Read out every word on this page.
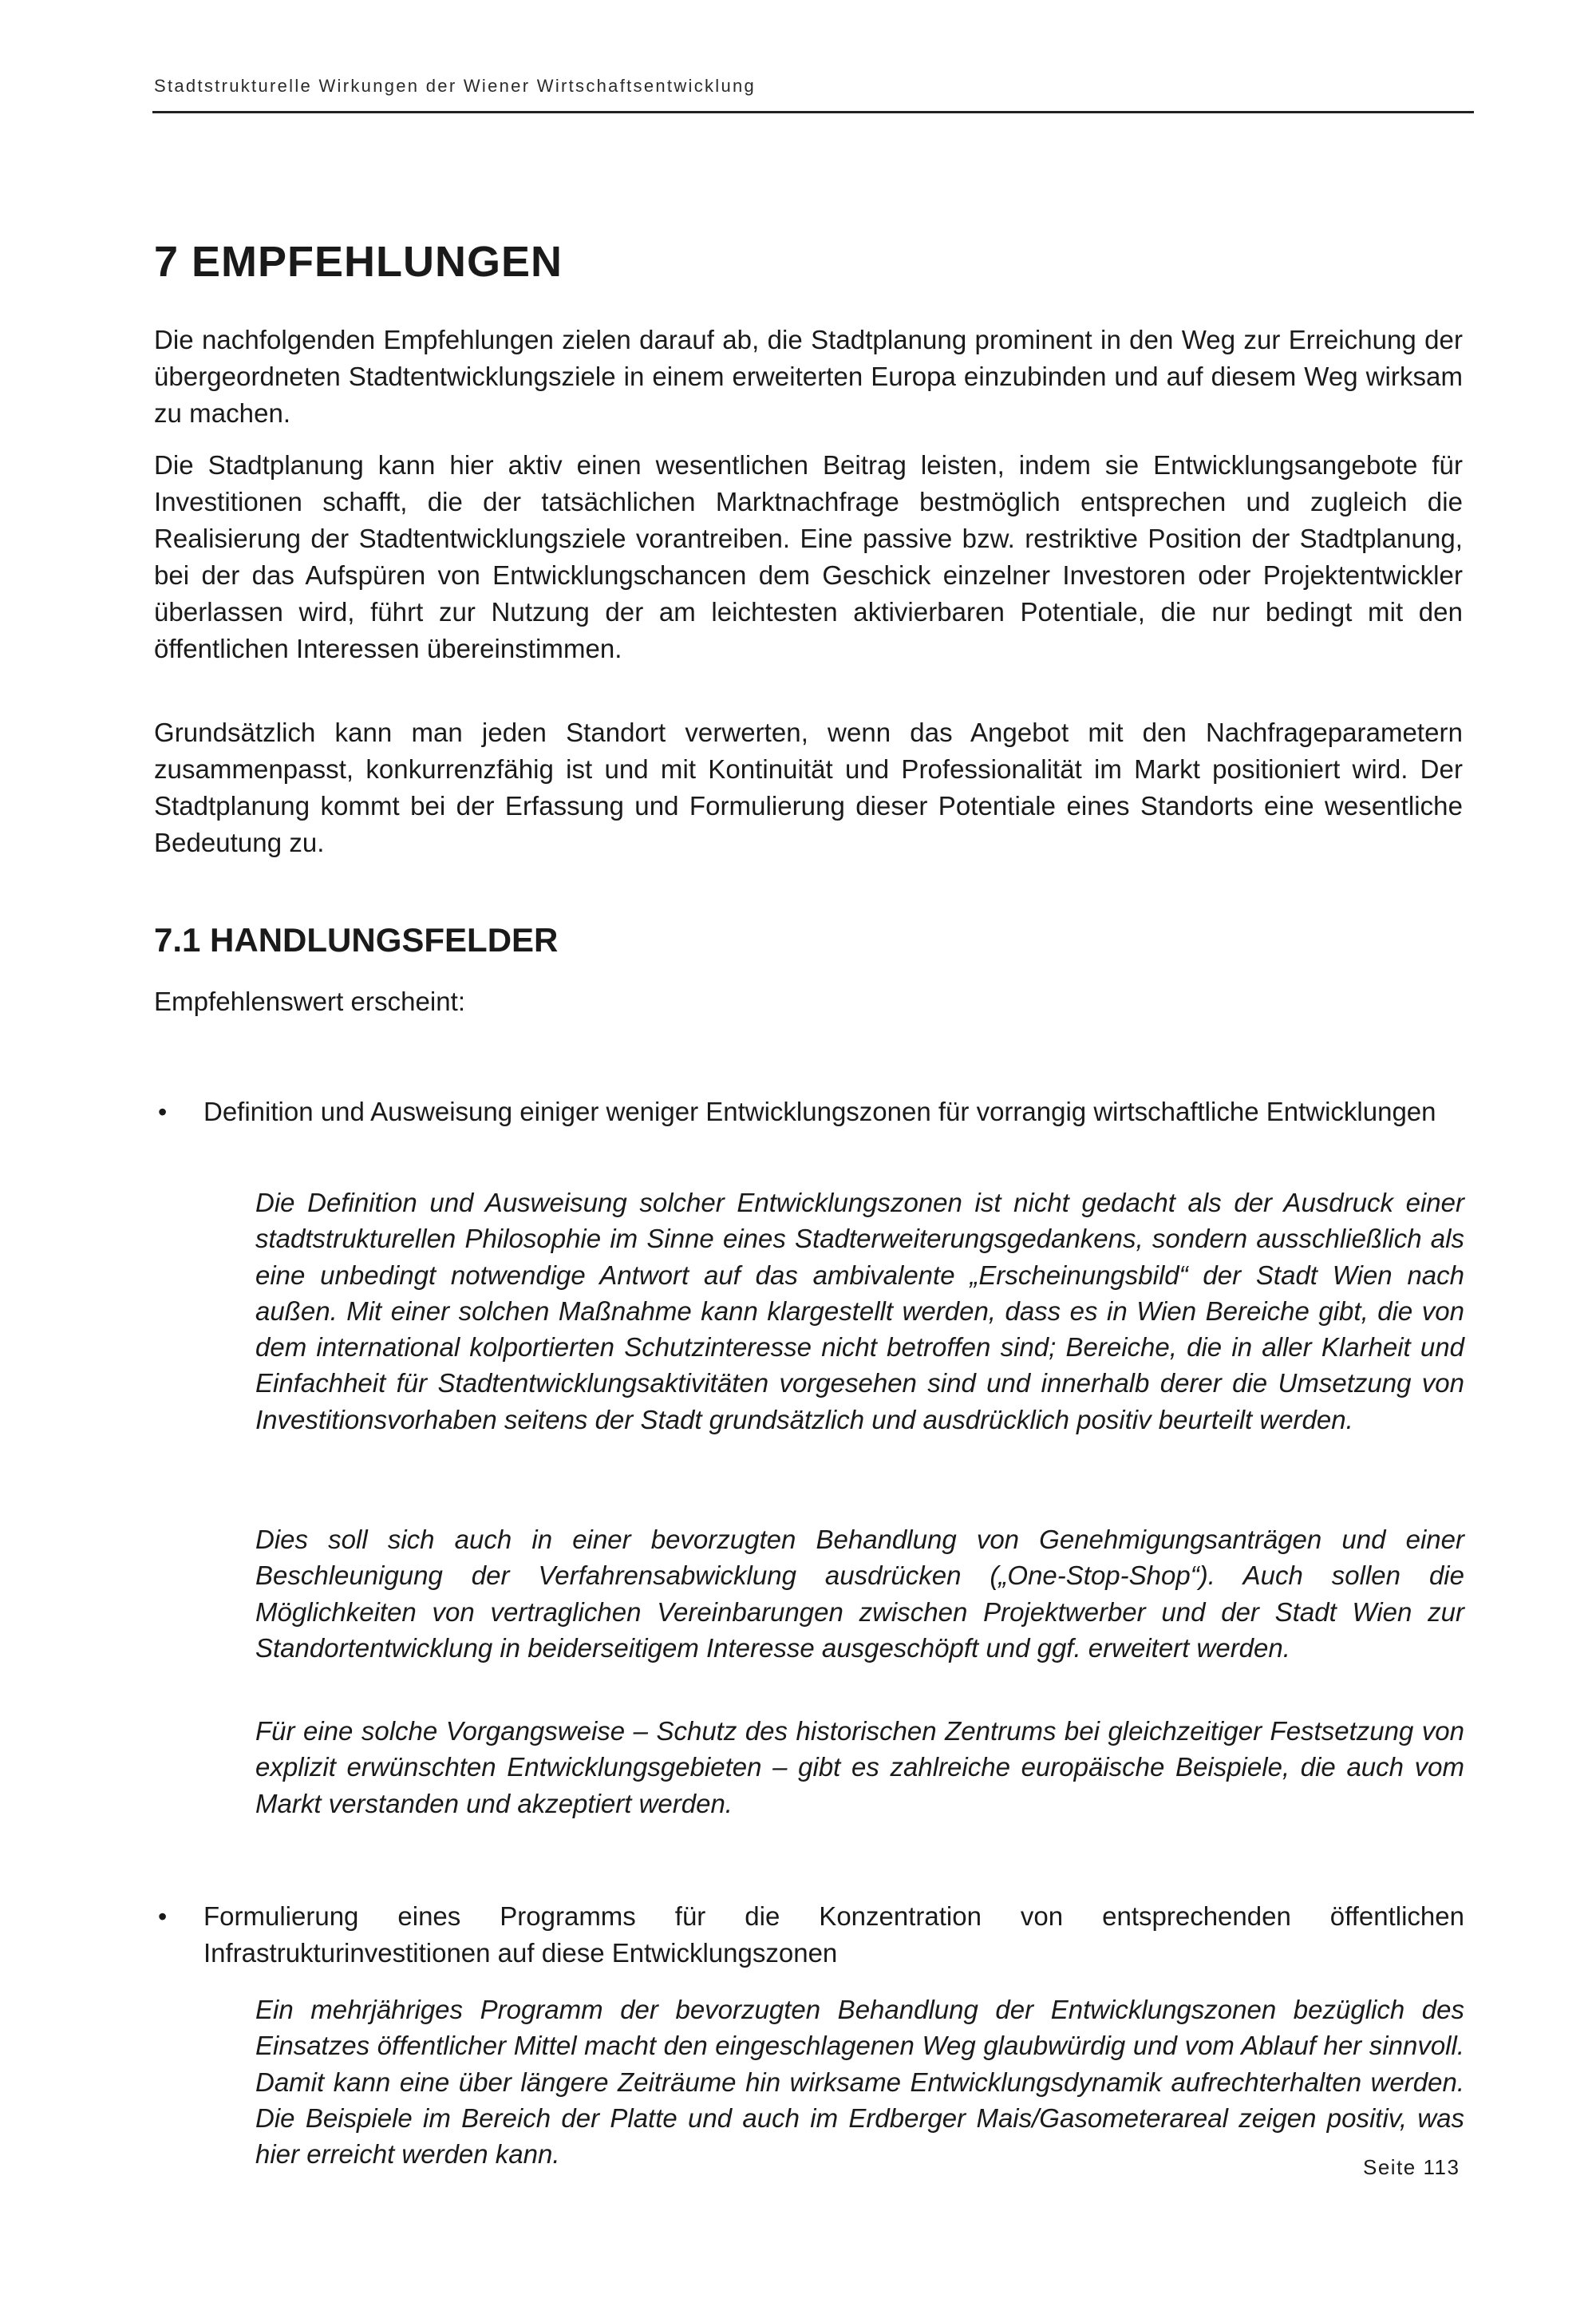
Stadtstrukturelle Wirkungen der Wiener Wirtschaftsentwicklung
7 EMPFEHLUNGEN

Die nachfolgenden Empfehlungen zielen darauf ab, die Stadtplanung prominent in den Weg zur Erreichung der übergeordneten Stadtentwicklungsziele in einem erweiterten Europa einzubinden und auf diesem Weg wirksam zu machen.

Die Stadtplanung kann hier aktiv einen wesentlichen Beitrag leisten, indem sie Entwicklungsangebote für Investitionen schafft, die der tatsächlichen Marktnachfrage bestmöglich entsprechen und zugleich die Realisierung der Stadtentwicklungsziele vorantreiben. Eine passive bzw. restriktive Position der Stadtplanung, bei der das Aufspüren von Entwicklungschancen dem Geschick einzelner Investoren oder Projektentwickler überlassen wird, führt zur Nutzung der am leichtesten aktivierbaren Potentiale, die nur bedingt mit den öffentlichen Interessen übereinstimmen.

Grundsätzlich kann man jeden Standort verwerten, wenn das Angebot mit den Nachfrageparametern zusammenpasst, konkurrenzfähig ist und mit Kontinuität und Professionalität im Markt positioniert wird. Der Stadtplanung kommt bei der Erfassung und Formulierung dieser Potentiale eines Standorts eine wesentliche Bedeutung zu.

7.1 HANDLUNGSFELDER

Empfehlenswert erscheint:

• Definition und Ausweisung einiger weniger Entwicklungszonen für vorrangig wirtschaftliche Entwicklungen

Die Definition und Ausweisung solcher Entwicklungszonen ist nicht gedacht als der Ausdruck einer stadtstrukturellen Philosophie im Sinne eines Stadterweiterungsgedankens, sondern ausschließlich als eine unbedingt notwendige Antwort auf das ambivalente „Erscheinungsbild“ der Stadt Wien nach außen. Mit einer solchen Maßnahme kann klargestellt werden, dass es in Wien Bereiche gibt, die von dem international kolportierten Schutzinteresse nicht betroffen sind; Bereiche, die in aller Klarheit und Einfachheit für Stadtentwicklungsaktivitäten vorgesehen sind und innerhalb derer die Umsetzung von Investitionsvorhaben seitens der Stadt grundsätzlich und ausdrücklich positiv beurteilt werden.

Dies soll sich auch in einer bevorzugten Behandlung von Genehmigungsanträgen und einer Beschleunigung der Verfahrensabwicklung ausdrücken („One-Stop-Shop“). Auch sollen die Möglichkeiten von vertraglichen Vereinbarungen zwischen Projektwerber und der Stadt Wien zur Standortentwicklung in beiderseitigem Interesse ausgeschöpft und ggf. erweitert werden.

Für eine solche Vorgangsweise – Schutz des historischen Zentrums bei gleichzeitiger Festsetzung von explizit erwünschten Entwicklungsgebieten – gibt es zahlreiche europäische Beispiele, die auch vom Markt verstanden und akzeptiert werden.

• Formulierung eines Programms für die Konzentration von entsprechenden öffentlichen Infrastrukturinvestitionen auf diese Entwicklungszonen

Ein mehrjähriges Programm der bevorzugten Behandlung der Entwicklungszonen bezüglich des Einsatzes öffentlicher Mittel macht den eingeschlagenen Weg glaubwürdig und vom Ablauf her sinnvoll. Damit kann eine über längere Zeiträume hin wirksame Entwicklungsdynamik aufrechterhalten werden. Die Beispiele im Bereich der Platte und auch im Erdberger Mais/Gasometerareal zeigen positiv, was hier erreicht werden kann.	Seite 113
